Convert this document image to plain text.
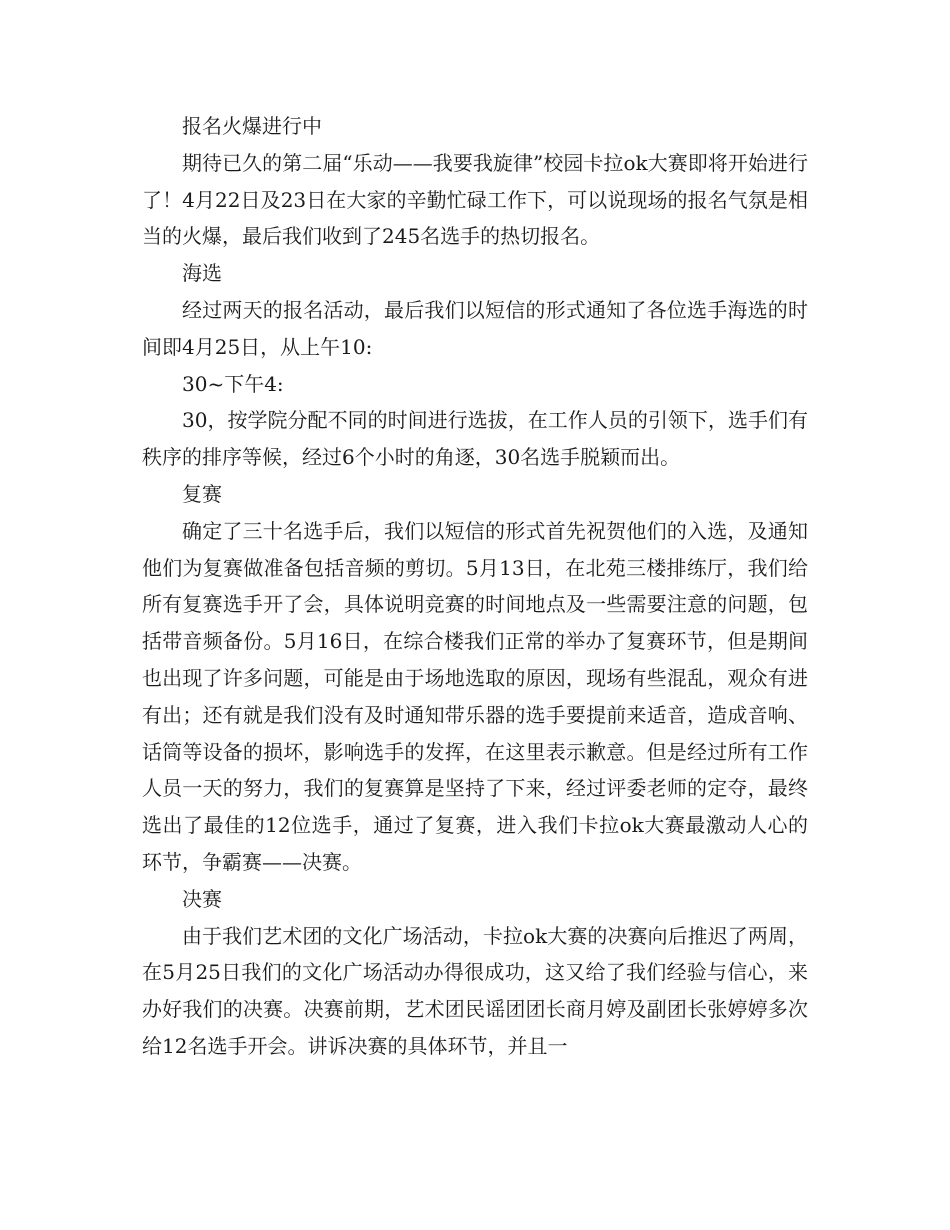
报名火爆进行中

期待已久的第二届“乐动——我要我旋律”校园卡拉ok大赛即将开始进行了！4月22日及23日在大家的辛勤忙碌工作下，可以说现场的报名气氛是相当的火爆，最后我们收到了245名选手的热切报名。

海选

经过两天的报名活动，最后我们以短信的形式通知了各位选手海选的时间即4月25日，从上午10:

30~下午4:

30，按学院分配不同的时间进行选拔，在工作人员的引领下，选手们有秩序的排序等候，经过6个小时的角逐，30名选手脱颖而出。

复赛

确定了三十名选手后，我们以短信的形式首先祝贺他们的入选，及通知他们为复赛做准备包括音频的剪切。5月13日，在北苑三楼排练厅，我们给所有复赛选手开了会，具体说明竞赛的时间地点及一些需要注意的问题，包括带音频备份。5月16日，在综合楼我们正常的举办了复赛环节，但是期间也出现了许多问题，可能是由于场地选取的原因，现场有些混乱，观众有进有出；还有就是我们没有及时通知带乐器的选手要提前来适音，造成音响、话筒等设备的损坏，影响选手的发挥，在这里表示歉意。但是经过所有工作人员一天的努力，我们的复赛算是坚持了下来，经过评委老师的定夺，最终选出了最佳的12位选手，通过了复赛，进入我们卡拉ok大赛最激动人心的环节，争霸赛——决赛。

决赛

由于我们艺术团的文化广场活动，卡拉ok大赛的决赛向后推迟了两周，在5月25日我们的文化广场活动办得很成功，这又给了我们经验与信心，来办好我们的决赛。决赛前期，艺术团民谣团团长商月婷及副团长张婷婷多次给12名选手开会。讲诉决赛的具体环节，并且一
